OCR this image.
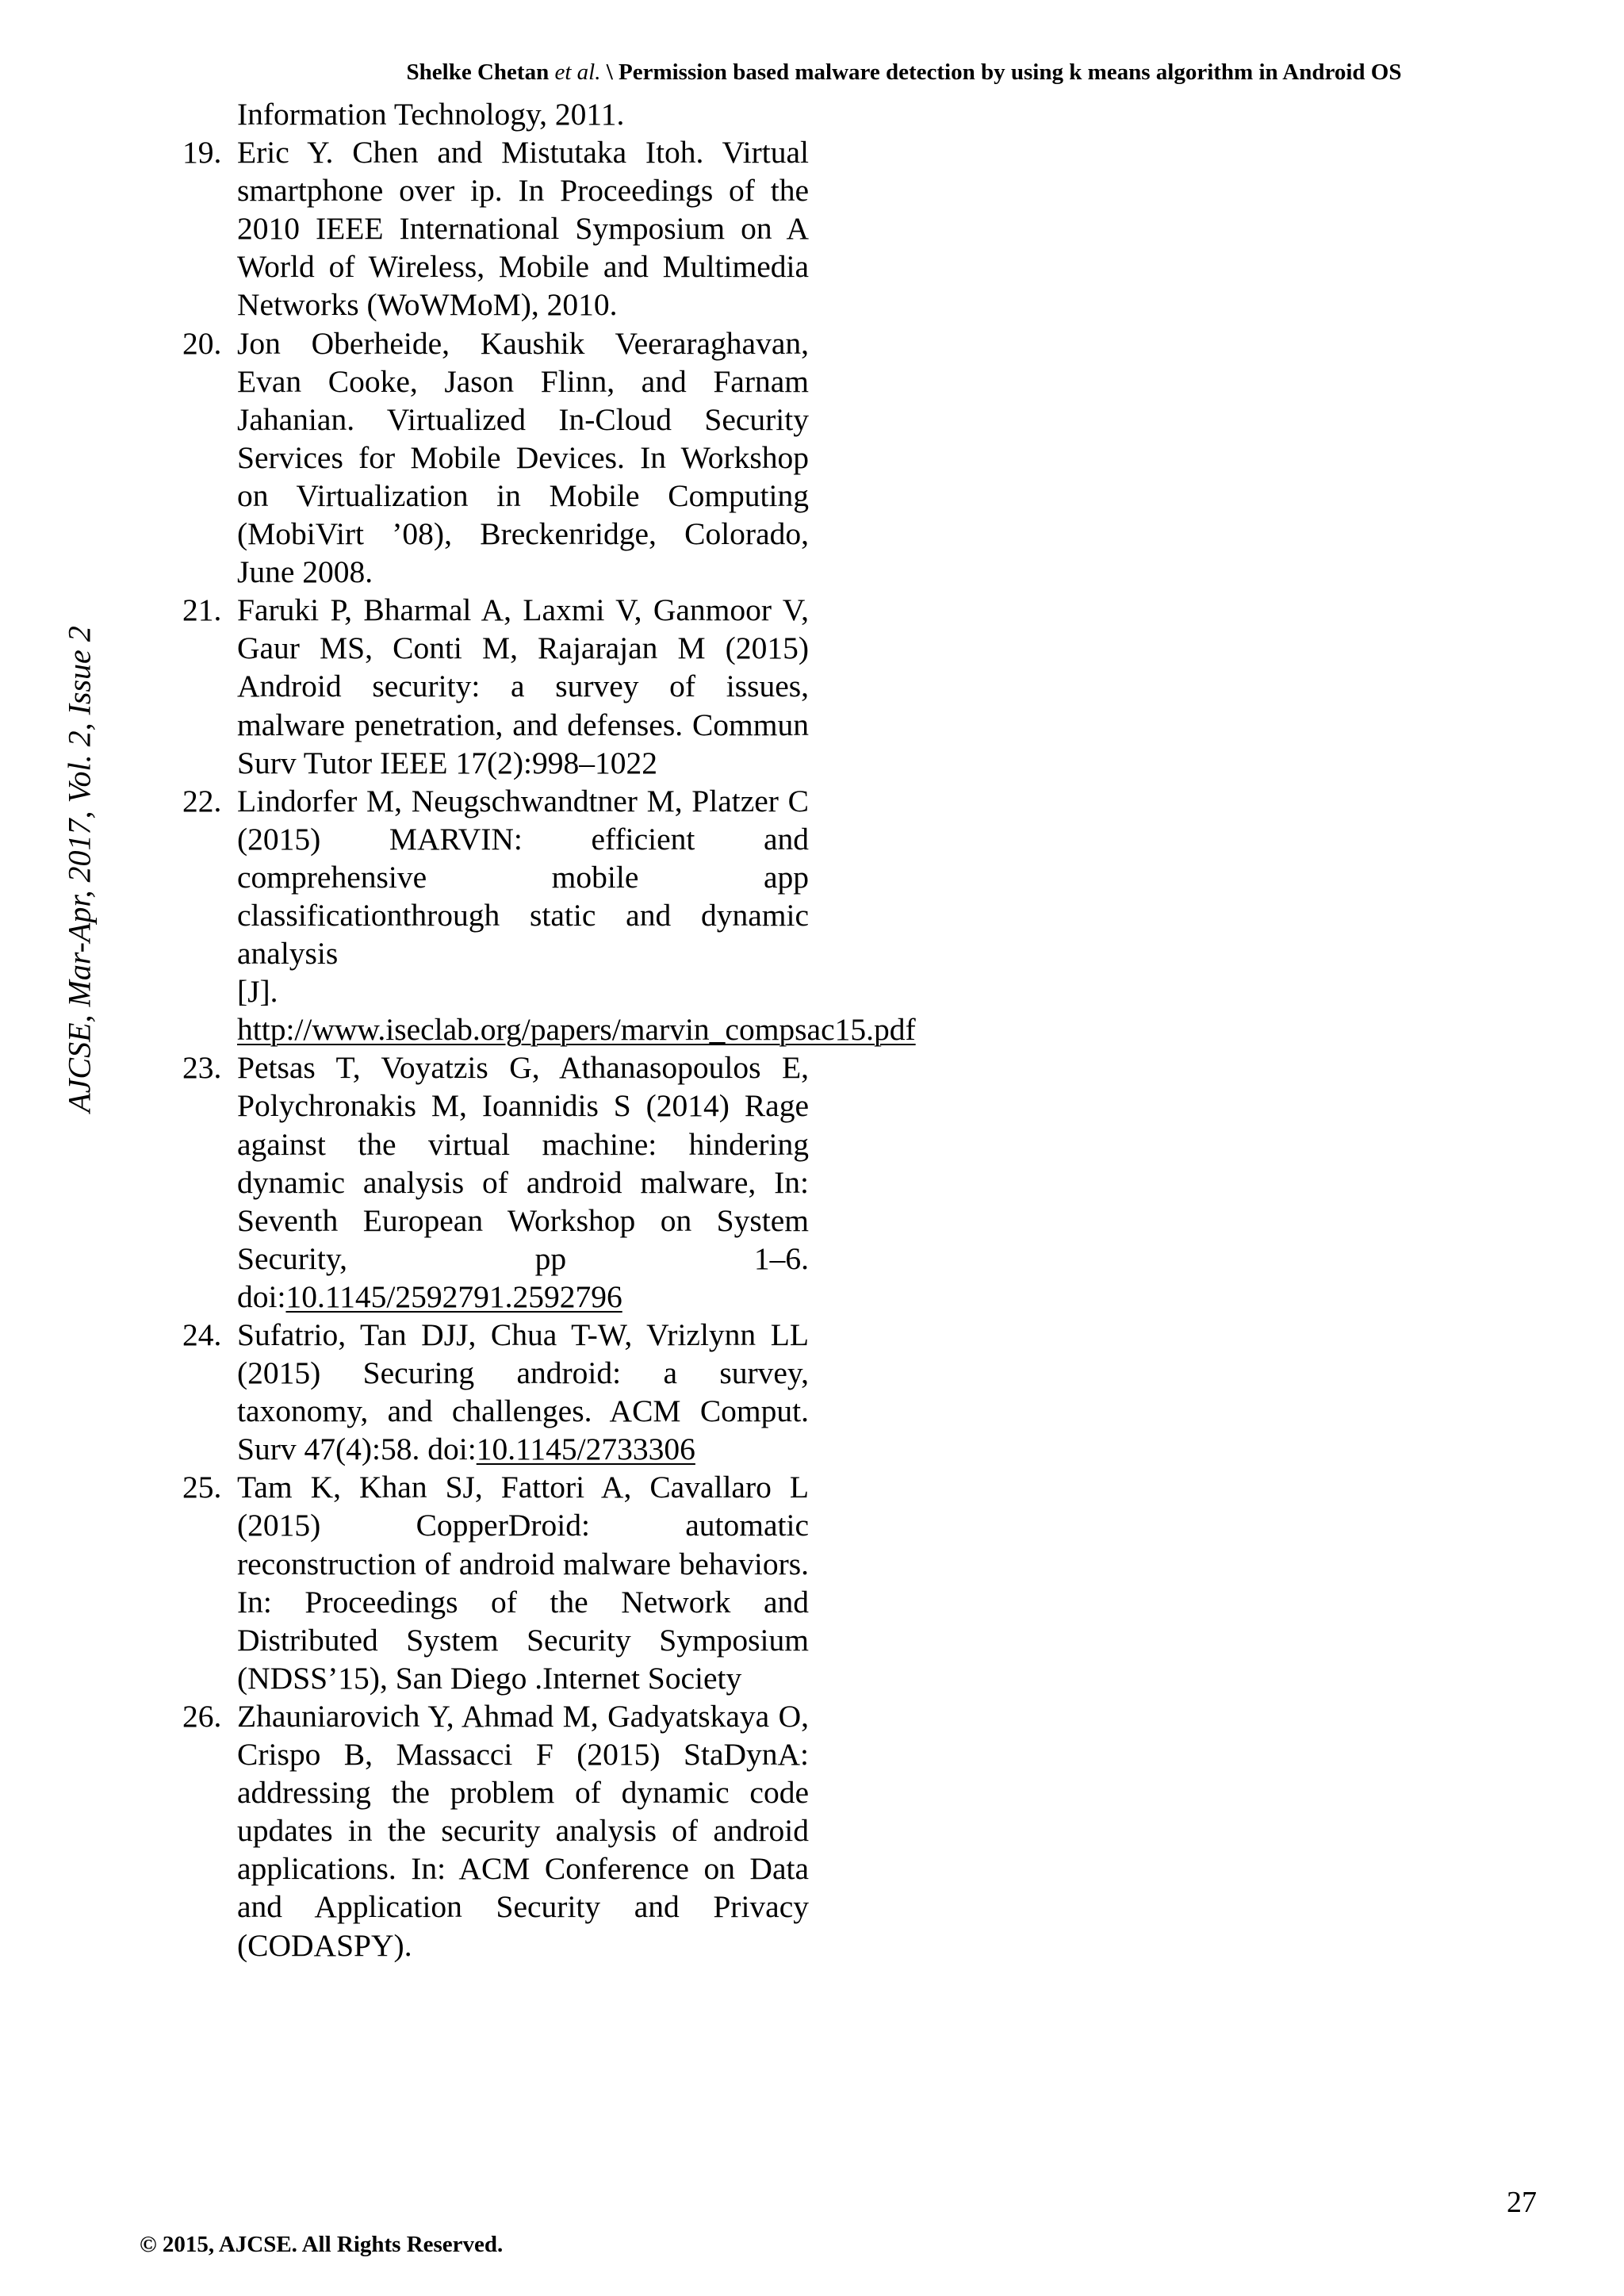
Shelke Chetan et al. \ Permission based malware detection by using k means algorithm in Android OS
AJCSE, Mar-Apr, 2017, Vol. 2, Issue 2
Information Technology, 2011.
19. Eric Y. Chen and Mistutaka Itoh. Virtual smartphone over ip. In Proceedings of the 2010 IEEE International Symposium on A World of Wireless, Mobile and Multimedia Networks (WoWMoM), 2010.
20. Jon Oberheide, Kaushik Veeraraghavan, Evan Cooke, Jason Flinn, and Farnam Jahanian. Virtualized In-Cloud Security Services for Mobile Devices. In Workshop on Virtualization in Mobile Computing (MobiVirt ’08), Breckenridge, Colorado, June 2008.
21. Faruki P, Bharmal A, Laxmi V, Ganmoor V, Gaur MS, Conti M, Rajarajan M (2015) Android security: a survey of issues, malware penetration, and defenses. Commun Surv Tutor IEEE 17(2):998–1022
22. Lindorfer M, Neugschwandtner M, Platzer C (2015) MARVIN: efficient and comprehensive mobile app classificationthrough static and dynamic analysis
[J]. http://www.iseclab.org/papers/marvin_compsac15.pdf
23. Petsas T, Voyatzis G, Athanasopoulos E, Polychronakis M, Ioannidis S (2014) Rage against the virtual machine: hindering dynamic analysis of android malware, In: Seventh European Workshop on System Security, pp 1–6. doi:10.1145/2592791.2592796
24. Sufatrio, Tan DJJ, Chua T-W, Vrizlynn LL (2015) Securing android: a survey, taxonomy, and challenges. ACM Comput. Surv 47(4):58. doi:10.1145/2733306
25. Tam K, Khan SJ, Fattori A, Cavallaro L (2015) CopperDroid: automatic reconstruction of android malware behaviors. In: Proceedings of the Network and Distributed System Security Symposium (NDSS’15), San Diego .Internet Society
26. Zhauniarovich Y, Ahmad M, Gadyatskaya O, Crispo B, Massacci F (2015) StaDynA: addressing the problem of dynamic code updates in the security analysis of android applications. In: ACM Conference on Data and Application Security and Privacy (CODASPY).
27
© 2015, AJCSE. All Rights Reserved.
